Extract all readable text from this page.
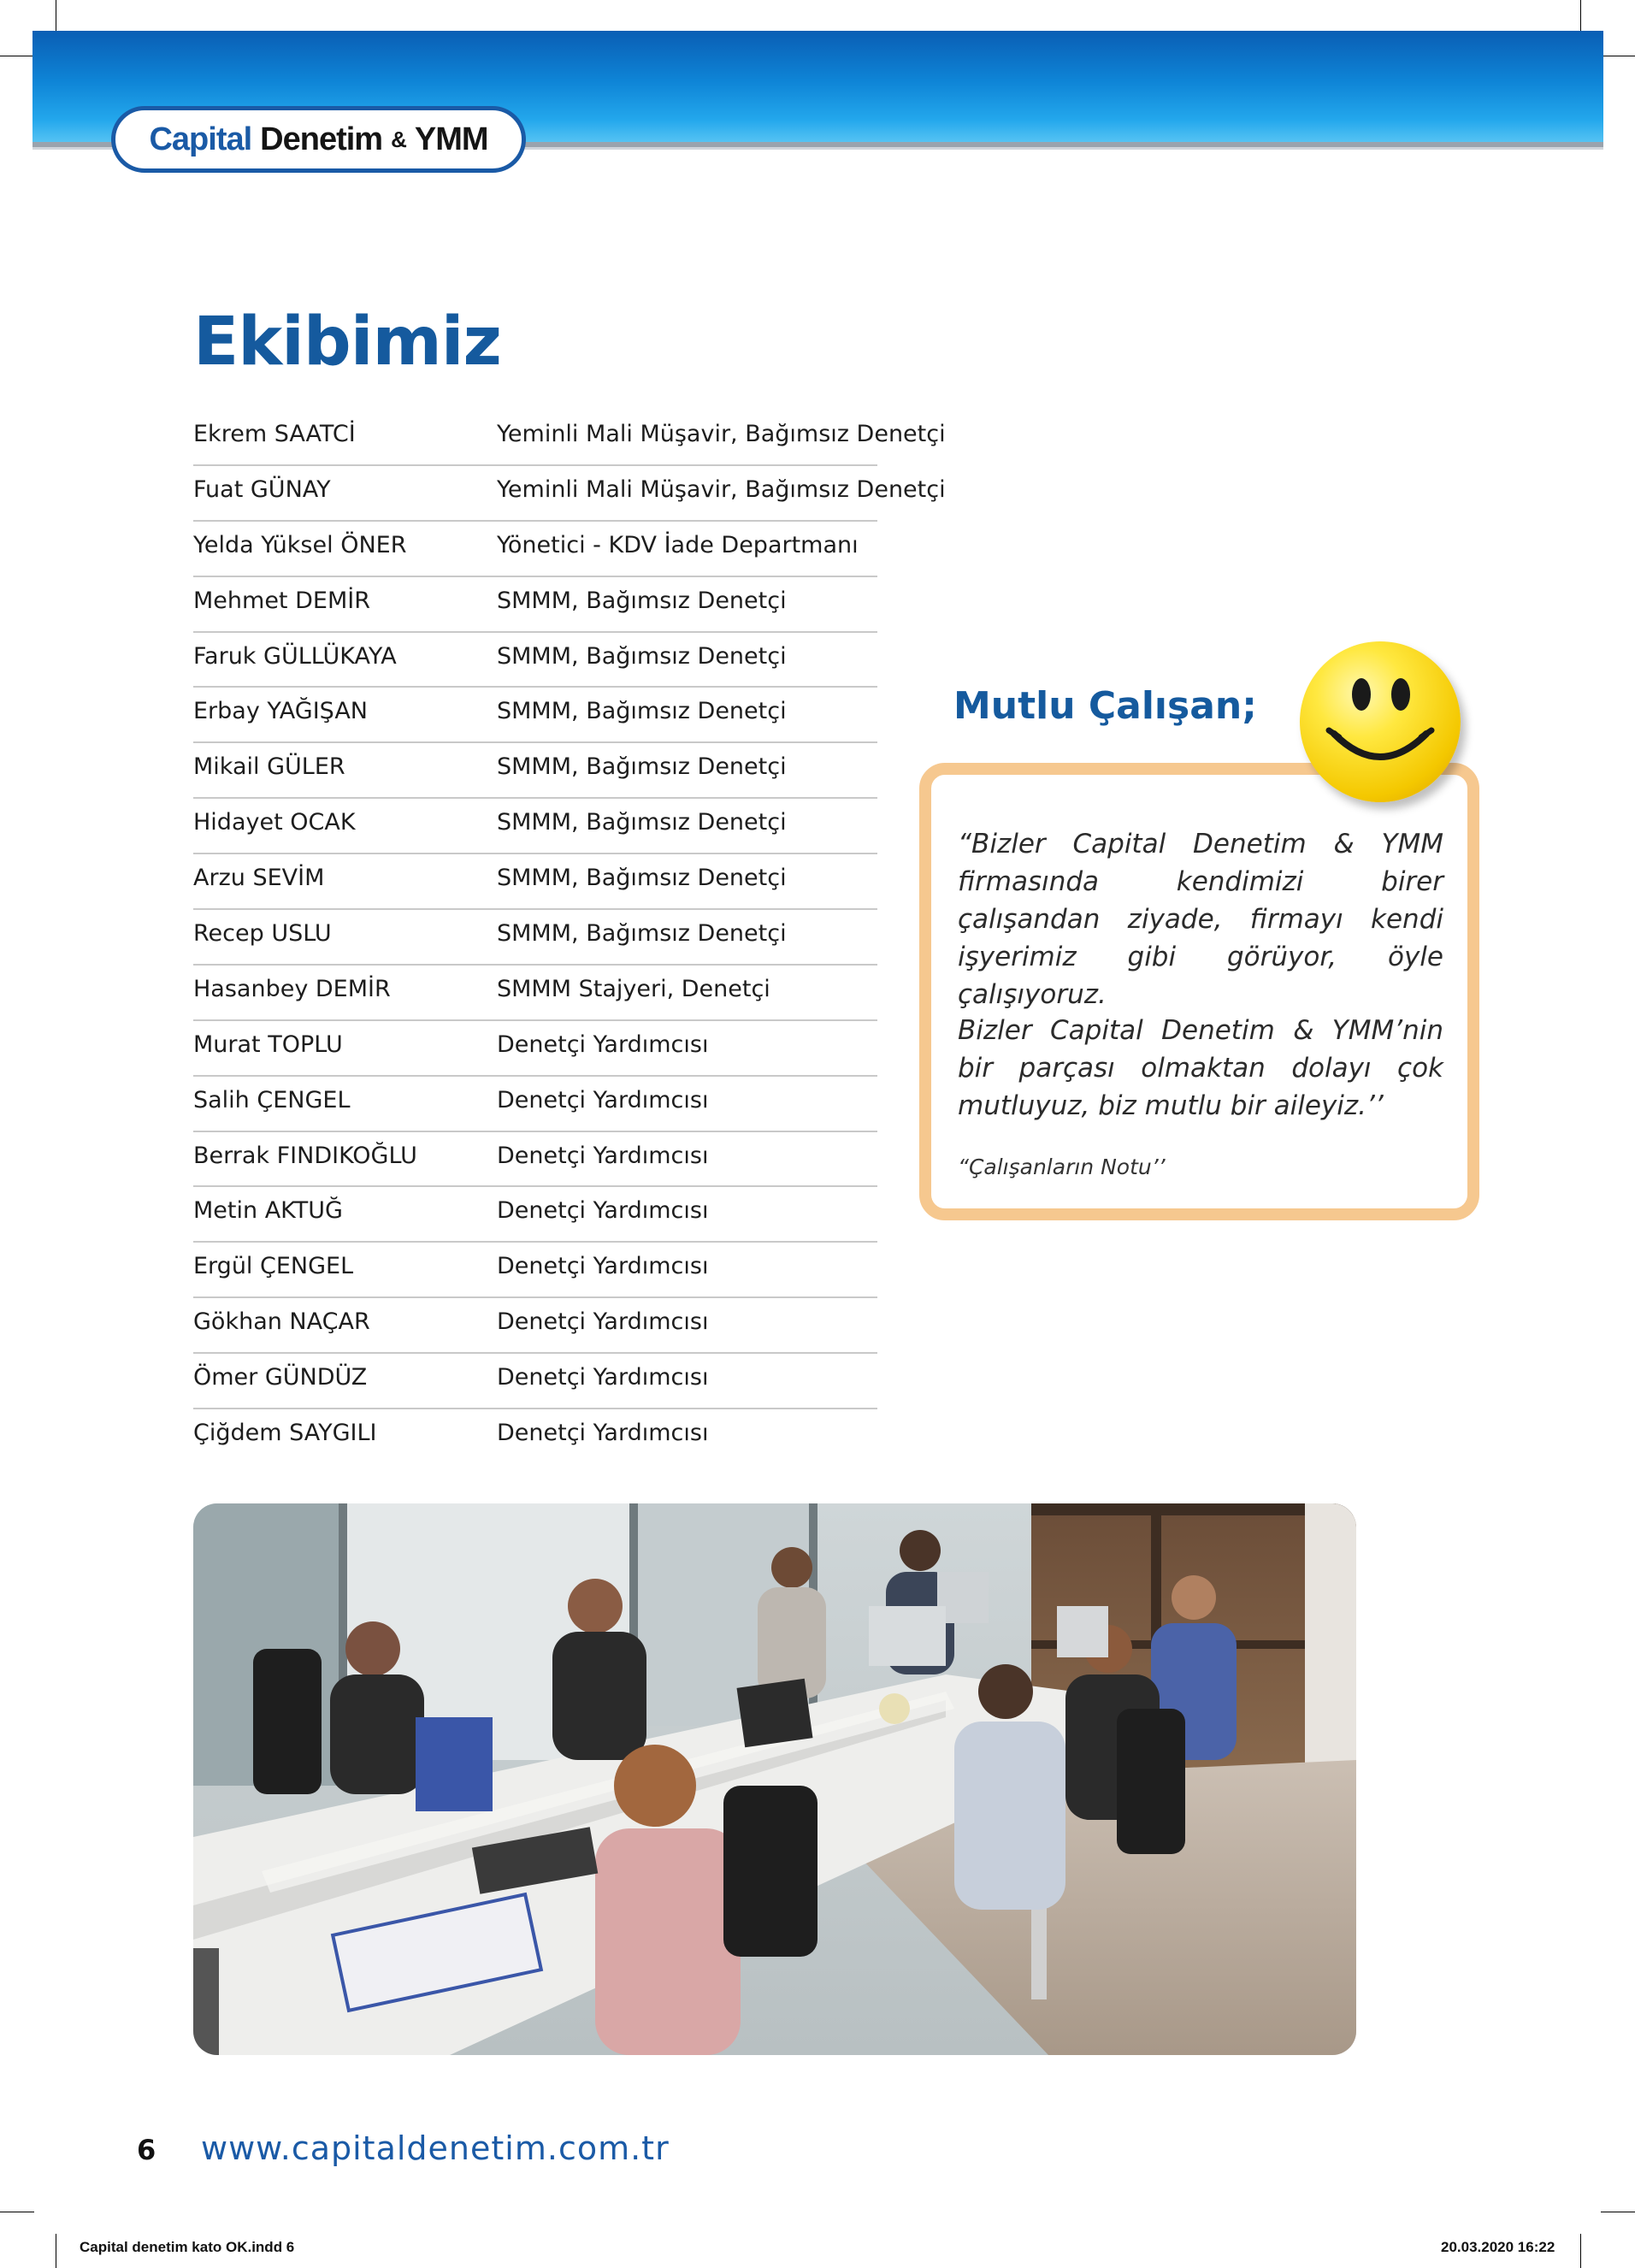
Capital Denetim & YMM
Ekibimiz
Ekrem SAATCİ	Yeminli Mali Müşavir, Bağımsız Denetçi
Fuat GÜNAY	Yeminli Mali Müşavir, Bağımsız Denetçi
Yelda Yüksel ÖNER	Yönetici - KDV İade Departmanı
Mehmet DEMİR	SMMM, Bağımsız Denetçi
Faruk GÜLLÜKAYA	SMMM, Bağımsız Denetçi
Erbay YAĞIŞAN	SMMM, Bağımsız Denetçi
Mikail GÜLER	SMMM, Bağımsız Denetçi
Hidayet OCAK	SMMM, Bağımsız Denetçi
Arzu SEVİM	SMMM, Bağımsız Denetçi
Recep USLU	SMMM, Bağımsız Denetçi
Hasanbey DEMİR	SMMM Stajyeri, Denetçi
Murat TOPLU	Denetçi Yardımcısı
Salih ÇENGEL	Denetçi Yardımcısı
Berrak FINDIKOĞLU	Denetçi Yardımcısı
Metin AKTUĞ	Denetçi Yardımcısı
Ergül ÇENGEL	Denetçi Yardımcısı
Gökhan NAÇAR	Denetçi Yardımcısı
Ömer GÜNDÜZ	Denetçi Yardımcısı
Çiğdem SAYGILI	Denetçi Yardımcısı
Mutlu Çalışan;

“Bizler Capital Denetim & YMM firmasında kendimizi birer çalışandan ziyade, firmayı kendi işyerimiz gibi görüyor, öyle çalışıyoruz.

Bizler Capital Denetim & YMM’nin bir parçası olmaktan dolayı çok mutluyuz, biz mutlu bir aileyiz.’’

“Çalışanların Notu’’
6 www.capitaldenetim.com.tr
Capital denetim kato OK.indd 6	20.03.2020 16:22
